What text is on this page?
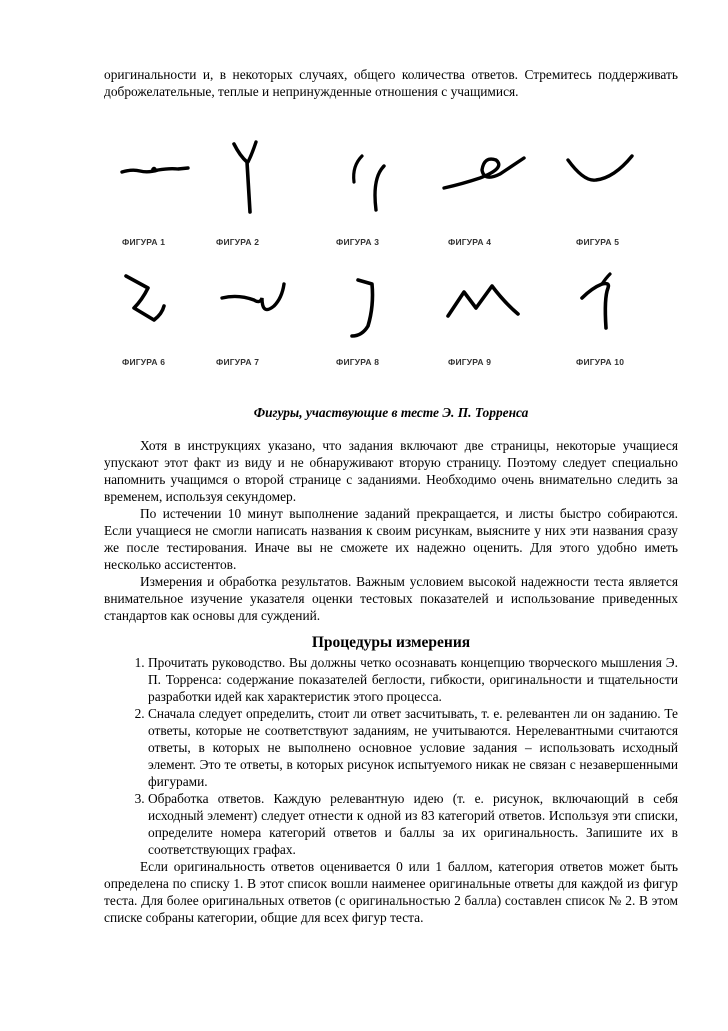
оригинальности и, в некоторых случаях, общего количества ответов. Стремитесь поддерживать доброжелательные, теплые и непринужденные отношения с учащимися.

ФИГУРА 1	ФИГУРА 2	ФИГУРА 3	ФИГУРА 4	ФИГУРА 5
ФИГУРА 6	ФИГУРА 7	ФИГУРА 8	ФИГУРА 9	ФИГУРА 10

Фигуры, участвующие в тесте Э. П. Торренса

Хотя в инструкциях указано, что задания включают две страницы, некоторые учащиеся упускают этот факт из виду и не обнаруживают вторую страницу. Поэтому следует специально напомнить учащимся о второй странице с заданиями. Необходимо очень внимательно следить за временем, используя секундомер.

По истечении 10 минут выполнение заданий прекращается, и листы быстро собираются. Если учащиеся не смогли написать названия к своим рисункам, выясните у них эти названия сразу же после тестирования. Иначе вы не сможете их надежно оценить. Для этого удобно иметь несколько ассистентов.

Измерения и обработка результатов. Важным условием высокой надежности теста является внимательное изучение указателя оценки тестовых показателей и использование приведенных стандартов как основы для суждений.

Процедуры измерения
1. Прочитать руководство. Вы должны четко осознавать концепцию творческого мышления Э. П. Торренса: содержание показателей беглости, гибкости, оригинальности и тщательности разработки идей как характеристик этого процесса.
2. Сначала следует определить, стоит ли ответ засчитывать, т. е. релевантен ли он заданию. Те ответы, которые не соответствуют заданиям, не учитываются. Нерелевантными считаются ответы, в которых не выполнено основное условие задания – использовать исходный элемент. Это те ответы, в которых рисунок испытуемого никак не связан с незавершенными фигурами.
3. Обработка ответов. Каждую релевантную идею (т. е. рисунок, включающий в себя исходный элемент) следует отнести к одной из 83 категорий ответов. Используя эти списки, определите номера категорий ответов и баллы за их оригинальность. Запишите их в соответствующих графах.

Если оригинальность ответов оценивается 0 или 1 баллом, категория ответов может быть определена по списку 1. В этот список вошли наименее оригинальные ответы для каждой из фигур теста. Для более оригинальных ответов (с оригинальностью 2 балла) составлен список № 2. В этом списке собраны категории, общие для всех фигур теста.
